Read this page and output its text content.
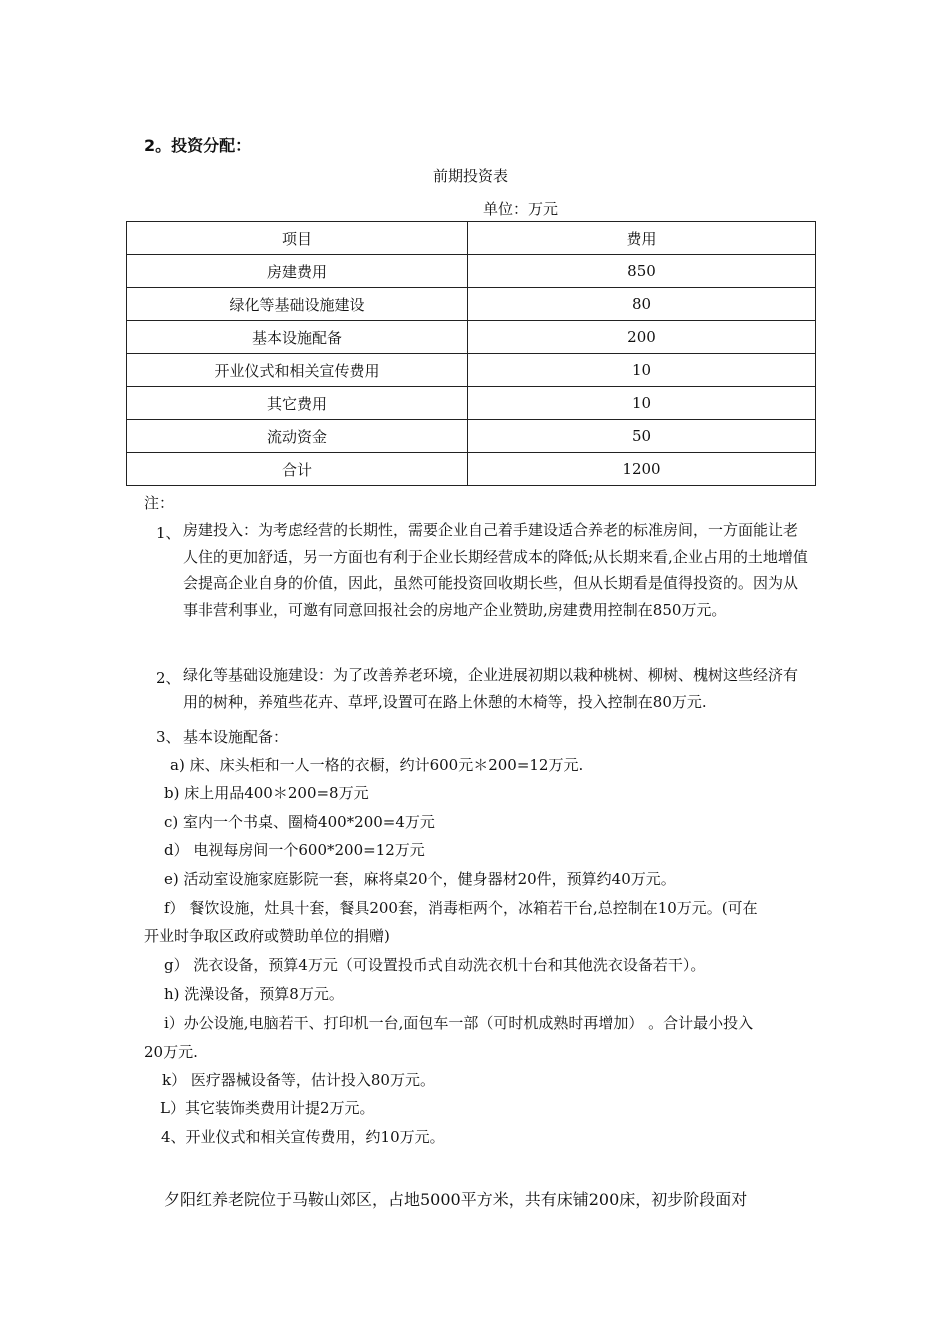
2。投资分配：
前期投资表
单位：万元
项目	费用
房建费用	850
绿化等基础设施建设	80
基本设施配备	200
开业仪式和相关宣传费用	10
其它费用	10
流动资金	50
合计	1200
注：
1、 房建投入：为考虑经营的长期性，需要企业自己着手建设适合养老的标准房间，一方面能让老人住的更加舒适，另一方面也有利于企业长期经营成本的降低;从长期来看,企业占用的土地增值会提高企业自身的价值，因此，虽然可能投资回收期长些，但从长期看是值得投资的。因为从事非营利事业，可邀有同意回报社会的房地产企业赞助,房建费用控制在850万元。
2、 绿化等基础设施建设：为了改善养老环境，企业进展初期以栽种桃树、柳树、槐树这些经济有用的树种，养殖些花卉、草坪,设置可在路上休憩的木椅等，投入控制在80万元.
3、 基本设施配备：
a) 床、床头柜和一人一格的衣橱，约计600元＊200=12万元.
b) 床上用品400＊200=8万元
c) 室内一个书桌、圈椅400*200=4万元
d） 电视每房间一个600*200=12万元
e) 活动室设施家庭影院一套，麻将桌20个，健身器材20件，预算约40万元。
f） 餐饮设施，灶具十套，餐具200套，消毒柜两个，冰箱若干台,总控制在10万元。(可在
开业时争取区政府或赞助单位的捐赠)
g） 洗衣设备，预算4万元（可设置投币式自动洗衣机十台和其他洗衣设备若干）。
h) 洗澡设备，预算8万元。
i）办公设施,电脑若干、打印机一台,面包车一部（可时机成熟时再增加） 。合计最小投入
20万元.
k） 医疗器械设备等，估计投入80万元。
L）其它装饰类费用计提2万元。
4、开业仪式和相关宣传费用，约10万元。
夕阳红养老院位于马鞍山郊区，占地5000平方米，共有床铺200床，初步阶段面对
